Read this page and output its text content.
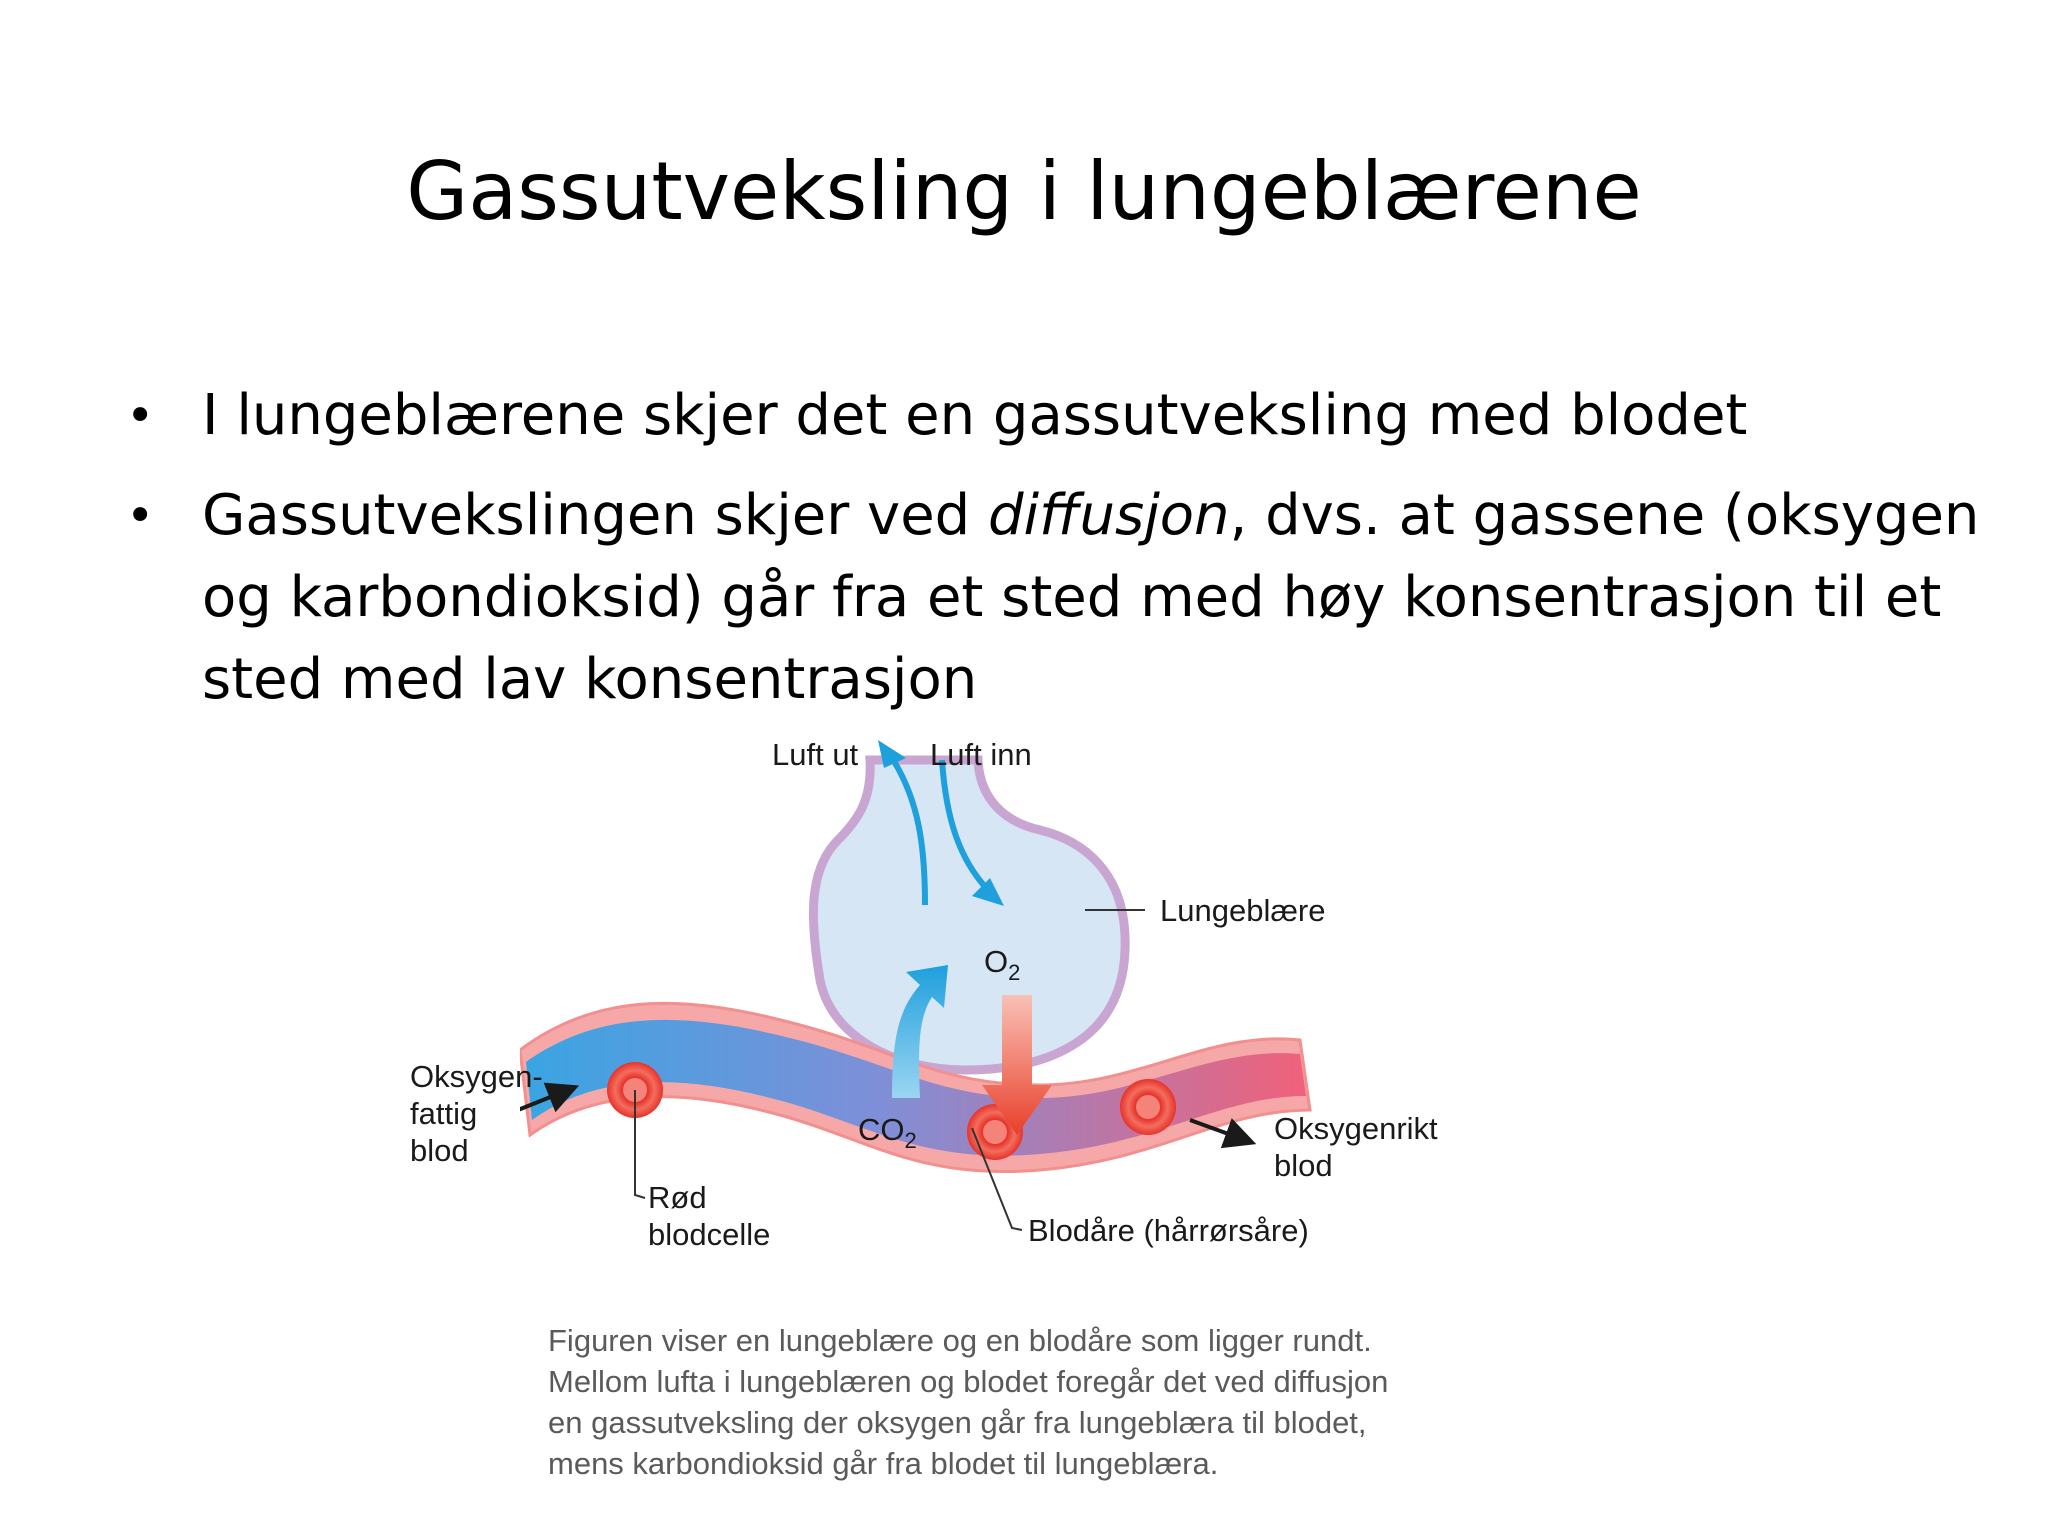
Gassutveksling i lungeblærene
• I lungeblærene skjer det en gassutveksling med blodet
• Gassutvekslingen skjer ved diffusjon, dvs. at gassene (oksygen og karbondioksid) går fra et sted med høy konsentrasjon til et sted med lav konsentrasjon
Luft ut Luft inn
Lungeblære
$O_2$
$CO_2$
Rød
blodcelle	Blodåre (hårrørsåre)
Oksygen-
fattig
blod
Oksygenrikt
blod
Figuren viser en lungeblære og en blodåre som ligger rundt.
Mellom lufta i lungeblæren og blodet foregår det ved diffusjon
en gassutveksling der oksygen går fra lungeblæra til blodet,
mens karbondioksid går fra blodet til lungeblæra.
